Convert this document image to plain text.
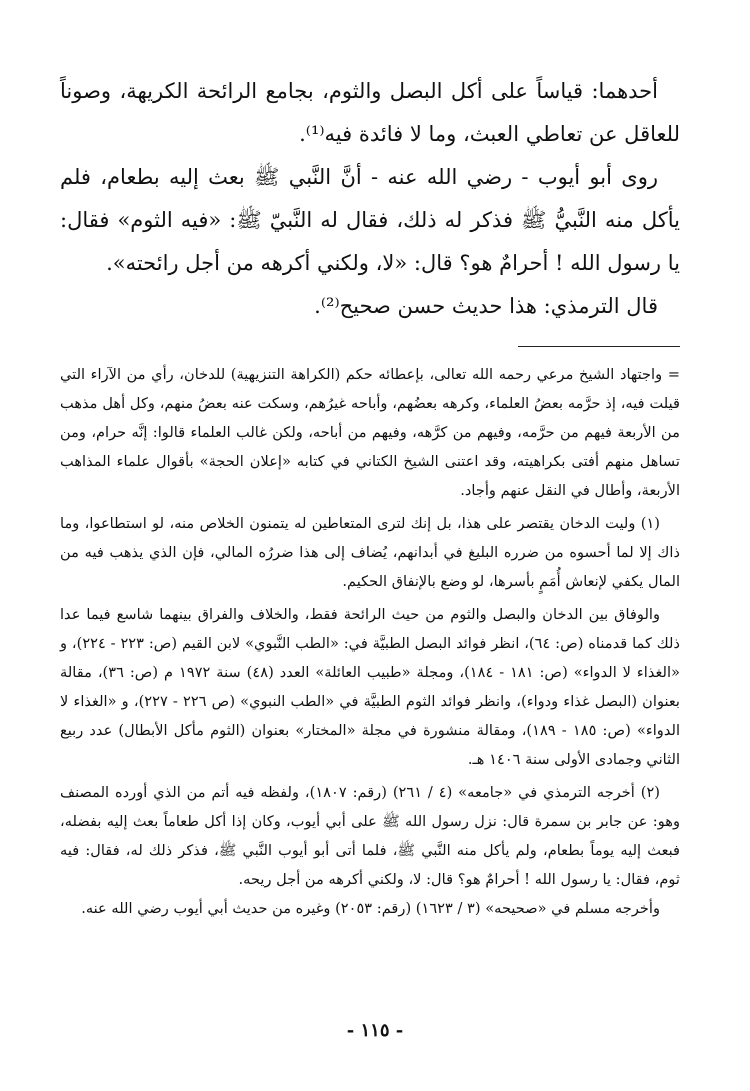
أحدهما: قياساً على أكل البصل والثوم، بجامع الرائحة الكريهة، وصوناً للعاقل عن تعاطي العبث، وما لا فائدة فيه⁽¹⁾.

روى أبو أيوب - رضي الله عنه - أنَّ النَّبي ﷺ بعث إليه بطعام، فلم يأكل منه النَّبيُّ ﷺ فذكر له ذلك، فقال له النَّبيّ ﷺ: «فيه الثوم» فقال: يا رسول الله ! أحرامٌ هو؟ قال: «لا، ولكني أكرهه من أجل رائحته».

قال الترمذي: هذا حديث حسن صحيح⁽²⁾.

= واجتهاد الشيخ مرعي رحمه الله تعالى، بإعطائه حكم (الكراهة التنزيهية) للدخان، رأي من الآراء التي قيلت فيه، إذ حرَّمه بعضُ العلماء، وكرهه بعضُهم، وأباحه غيرُهم، وسكت عنه بعضُ منهم، وكل أهل مذهب من الأربعة فيهم من حرَّمه، وفيهم من كرَّهه، وفيهم من أباحه، ولكن غالب العلماء قالوا: إنَّه حرام، ومن تساهل منهم أفتى بكراهيته، وقد اعتنى الشيخ الكتاني في كتابه «إعلان الحجة» بأقوال علماء المذاهب الأربعة، وأطال في النقل عنهم وأجاد.

(١) وليت الدخان يقتصر على هذا، بل إنك لترى المتعاطين له يتمنون الخلاص منه، لو استطاعوا، وما ذاك إلا لما أحسوه من ضرره البليغ في أبدانهم، يُضاف إلى هذا ضررُه المالي، فإن الذي يذهب فيه من المال يكفي لإنعاش أُمَمٍ بأسرها، لو وضع بالإنفاق الحكيم.

والوفاق بين الدخان والبصل والثوم من حيث الرائحة فقط، والخلاف والفراق بينهما شاسع فيما عدا ذلك كما قدمناه (ص: ٦٤)، انظر فوائد البصل الطبيَّة في: «الطب النَّبوي» لابن القيم (ص: ٢٢٣ - ٢٢٤)، و «الغذاء لا الدواء» (ص: ١٨١ - ١٨٤)، ومجلة «طبيب العائلة» العدد (٤٨) سنة ١٩٧٢ م (ص: ٣٦)، مقالة بعنوان (البصل غذاء ودواء)، وانظر فوائد الثوم الطبيَّة في «الطب النبوي» (ص ٢٢٦ - ٢٢٧)، و «الغذاء لا الدواء» (ص: ١٨٥ - ١٨٩)، ومقالة منشورة في مجلة «المختار» بعنوان (الثوم مأكل الأبطال) عدد ربيع الثاني وجمادى الأولى سنة ١٤٠٦ هـ.

(٢) أخرجه الترمذي في «جامعه» (٤ / ٢٦١) (رقم: ١٨٠٧)، ولفظه فيه أتم من الذي أورده المصنف وهو: عن جابر بن سمرة قال: نزل رسول الله ﷺ على أبي أيوب، وكان إذا أكل طعاماً بعث إليه بفضله، فبعث إليه يوماً بطعام، ولم يأكل منه النَّبي ﷺ، فلما أتى أبو أيوب النَّبي ﷺ، فذكر ذلك له، فقال: فيه ثوم، فقال: يا رسول الله ! أحرامٌ هو؟ قال: لا، ولكني أكرهه من أجل ريحه.

وأخرجه مسلم في «صحيحه» (٣ / ١٦٢٣) (رقم: ٢٠٥٣) وغيره من حديث أبي أيوب رضي الله عنه.

- ١١٥ -
